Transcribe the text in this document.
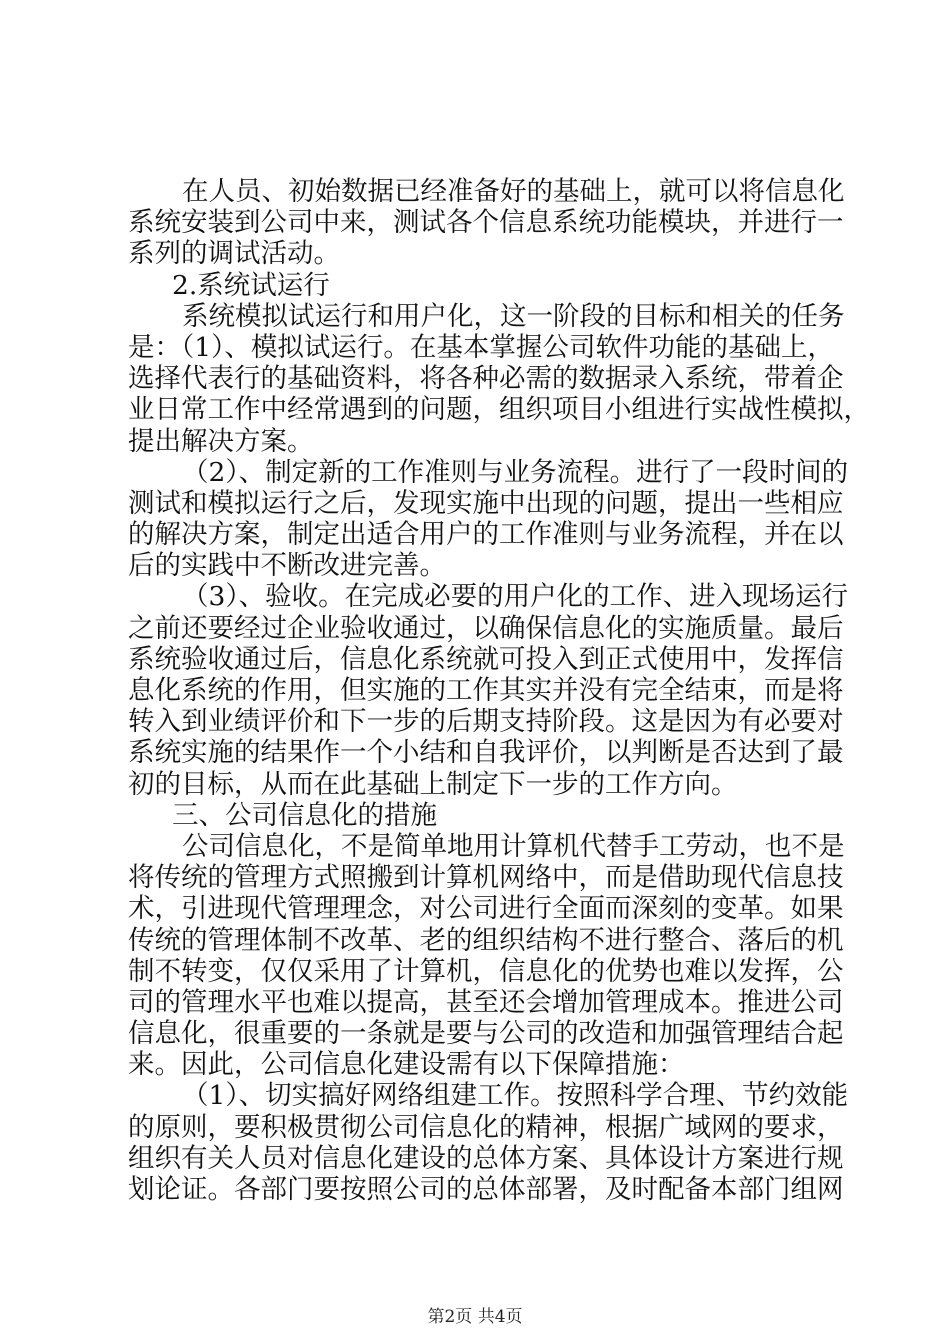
在人员、初始数据已经准备好的基础上，就可以将信息化
系统安装到公司中来，测试各个信息系统功能模块，并进行一
系列的调试活动。
2.系统试运行
系统模拟试运行和用户化，这一阶段的目标和相关的任务
是：（1）、模拟试运行。在基本掌握公司软件功能的基础上，
选择代表行的基础资料，将各种必需的数据录入系统，带着企
业日常工作中经常遇到的问题，组织项目小组进行实战性模拟，
提出解决方案。
（2）、制定新的工作准则与业务流程。进行了一段时间的
测试和模拟运行之后，发现实施中出现的问题，提出一些相应
的解决方案，制定出适合用户的工作准则与业务流程，并在以
后的实践中不断改进完善。
（3）、验收。在完成必要的用户化的工作、进入现场运行
之前还要经过企业验收通过，以确保信息化的实施质量。最后
系统验收通过后，信息化系统就可投入到正式使用中，发挥信
息化系统的作用，但实施的工作其实并没有完全结束，而是将
转入到业绩评价和下一步的后期支持阶段。这是因为有必要对
系统实施的结果作一个小结和自我评价，以判断是否达到了最
初的目标，从而在此基础上制定下一步的工作方向。
三、公司信息化的措施
公司信息化，不是简单地用计算机代替手工劳动，也不是
将传统的管理方式照搬到计算机网络中，而是借助现代信息技
术，引进现代管理理念，对公司进行全面而深刻的变革。如果
传统的管理体制不改革、老的组织结构不进行整合、落后的机
制不转变，仅仅采用了计算机，信息化的优势也难以发挥，公
司的管理水平也难以提高，甚至还会增加管理成本。推进公司
信息化，很重要的一条就是要与公司的改造和加强管理结合起
来。因此，公司信息化建设需有以下保障措施：
（1）、切实搞好网络组建工作。按照科学合理、节约效能
的原则，要积极贯彻公司信息化的精神，根据广域网的要求，
组织有关人员对信息化建设的总体方案、具体设计方案进行规
划论证。各部门要按照公司的总体部署，及时配备本部门组网
第2页 共4页
